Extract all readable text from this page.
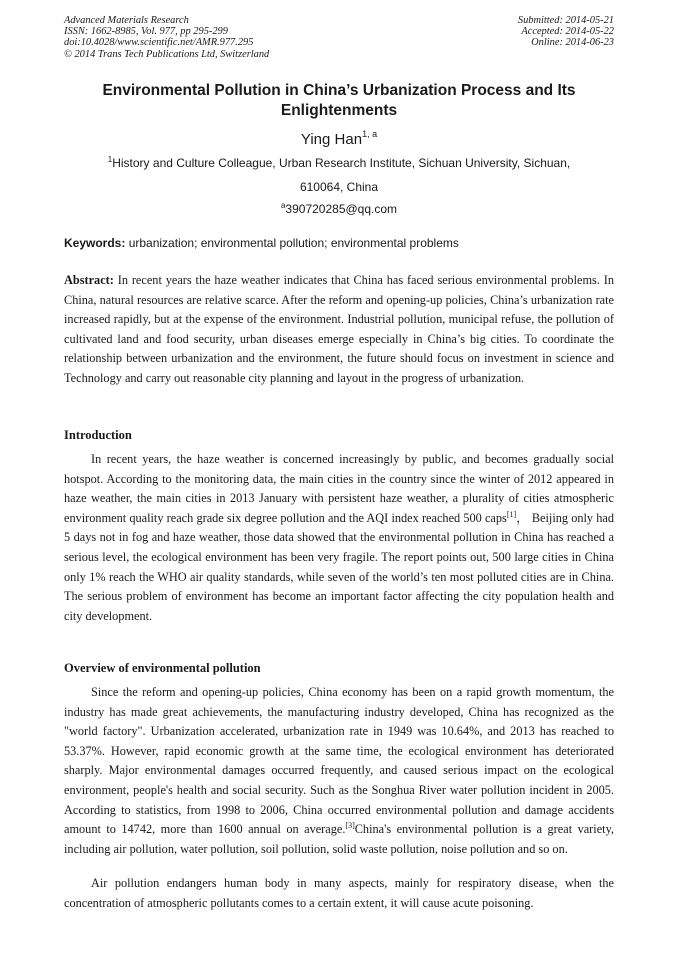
Advanced Materials Research
ISSN: 1662-8985, Vol. 977, pp 295-299
doi:10.4028/www.scientific.net/AMR.977.295
© 2014 Trans Tech Publications Ltd, Switzerland
Submitted: 2014-05-21
Accepted: 2014-05-22
Online: 2014-06-23
Environmental Pollution in China’s Urbanization Process and Its
Enlightenments
Ying Han$^{1, a}$
$^1$History and Culture Colleague, Urban Research Institute, Sichuan University, Sichuan,
610064, China
$^a$390720285@qq.com
Keywords: urbanization; environmental pollution; environmental problems
Abstract: In recent years the haze weather indicates that China has faced serious environmental problems. In China, natural resources are relative scarce. After the reform and opening-up policies, China’s urbanization rate increased rapidly, but at the expense of the environment. Industrial pollution, municipal refuse, the pollution of cultivated land and food security, urban diseases emerge especially in China’s big cities. To coordinate the relationship between urbanization and the environment, the future should focus on investment in science and Technology and carry out reasonable city planning and layout in the progress of urbanization.
Introduction
In recent years, the haze weather is concerned increasingly by public, and becomes gradually social hotspot. According to the monitoring data, the main cities in the country since the winter of 2012 appeared in haze weather, the main cities in 2013 January with persistent haze weather, a plurality of cities atmospheric environment quality reach grade six degree pollution and the AQI index reached 500 caps[1]， Beijing only had 5 days not in fog and haze weather, those data showed that the environmental pollution in China has reached a serious level, the ecological environment has been very fragile. The report points out, 500 large cities in China only 1% reach the WHO air quality standards, while seven of the world’s ten most polluted cities are in China. The serious problem of environment has become an important factor affecting the city population health and city development.
Overview of environmental pollution
Since the reform and opening-up policies, China economy has been on a rapid growth momentum, the industry has made great achievements, the manufacturing industry developed, China has recognized as the "world factory". Urbanization accelerated, urbanization rate in 1949 was 10.64%, and 2013 has reached to 53.37%. However, rapid economic growth at the same time, the ecological environment has deteriorated sharply. Major environmental damages occurred frequently, and caused serious impact on the ecological environment, people's health and social security. Such as the Songhua River water pollution incident in 2005. According to statistics, from 1998 to 2006, China occurred environmental pollution and damage accidents amount to 14742, more than 1600 annual on average.[3]China's environmental pollution is a great variety, including air pollution, water pollution, soil pollution, solid waste pollution, noise pollution and so on.
Air pollution endangers human body in many aspects, mainly for respiratory disease, when the concentration of atmospheric pollutants comes to a certain extent, it will cause acute poisoning.
